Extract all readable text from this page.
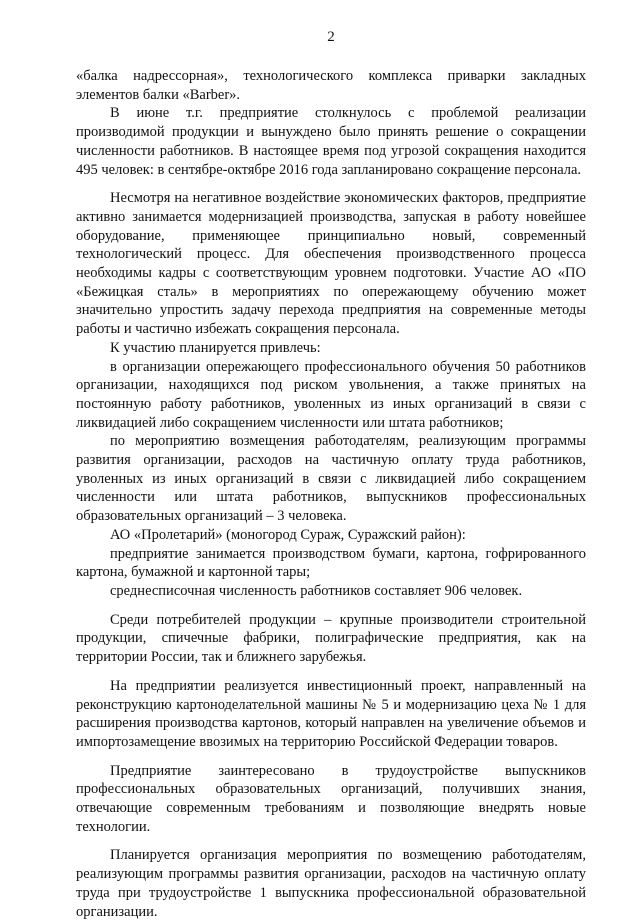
2

«балка надрессорная», технологического комплекса приварки закладных элементов балки «Barber».

В июне т.г. предприятие столкнулось с проблемой реализации производимой продукции и вынуждено было принять решение о сокращении численности работников. В настоящее время под угрозой сокращения находится 495 человек: в сентябре-октябре 2016 года запланировано сокращение персонала.

Несмотря на негативное воздействие экономических факторов, предприятие активно занимается модернизацией производства, запуская в работу новейшее оборудование, применяющее принципиально новый, современный технологический процесс. Для обеспечения производственного процесса необходимы кадры с соответствующим уровнем подготовки. Участие АО «ПО «Бежицкая сталь» в мероприятиях по опережающему обучению может значительно упростить задачу перехода предприятия на современные методы работы и частично избежать сокращения персонала.

К участию планируется привлечь:

в организации опережающего профессионального обучения 50 работников организации, находящихся под риском увольнения, а также принятых на постоянную работу работников, уволенных из иных организаций в связи с ликвидацией либо сокращением численности или штата работников;

по мероприятию возмещения работодателям, реализующим программы развития организации, расходов на частичную оплату труда работников, уволенных из иных организаций в связи с ликвидацией либо сокращением численности или штата работников, выпускников профессиональных образовательных организаций – 3 человека.

АО «Пролетарий» (моногород Сураж, Суражский район):

предприятие занимается производством бумаги, картона, гофрированного картона, бумажной и картонной тары;

среднесписочная численность работников составляет 906 человек.

Среди потребителей продукции – крупные производители строительной продукции, спичечные фабрики, полиграфические предприятия, как на территории России, так и ближнего зарубежья.

На предприятии реализуется инвестиционный проект, направленный на реконструкцию картоноделательной машины № 5 и модернизацию цеха № 1 для расширения производства картонов, который направлен на увеличение объемов и импортозамещение ввозимых на территорию Российской Федерации товаров.

Предприятие заинтересовано в трудоустройстве выпускников профессиональных образовательных организаций, получивших знания, отвечающие современным требованиям и позволяющие внедрять новые технологии.

Планируется организация мероприятия по возмещению работодателям, реализующим программы развития организации, расходов на частичную оплату труда при трудоустройстве 1 выпускника профессиональной образовательной организации.
